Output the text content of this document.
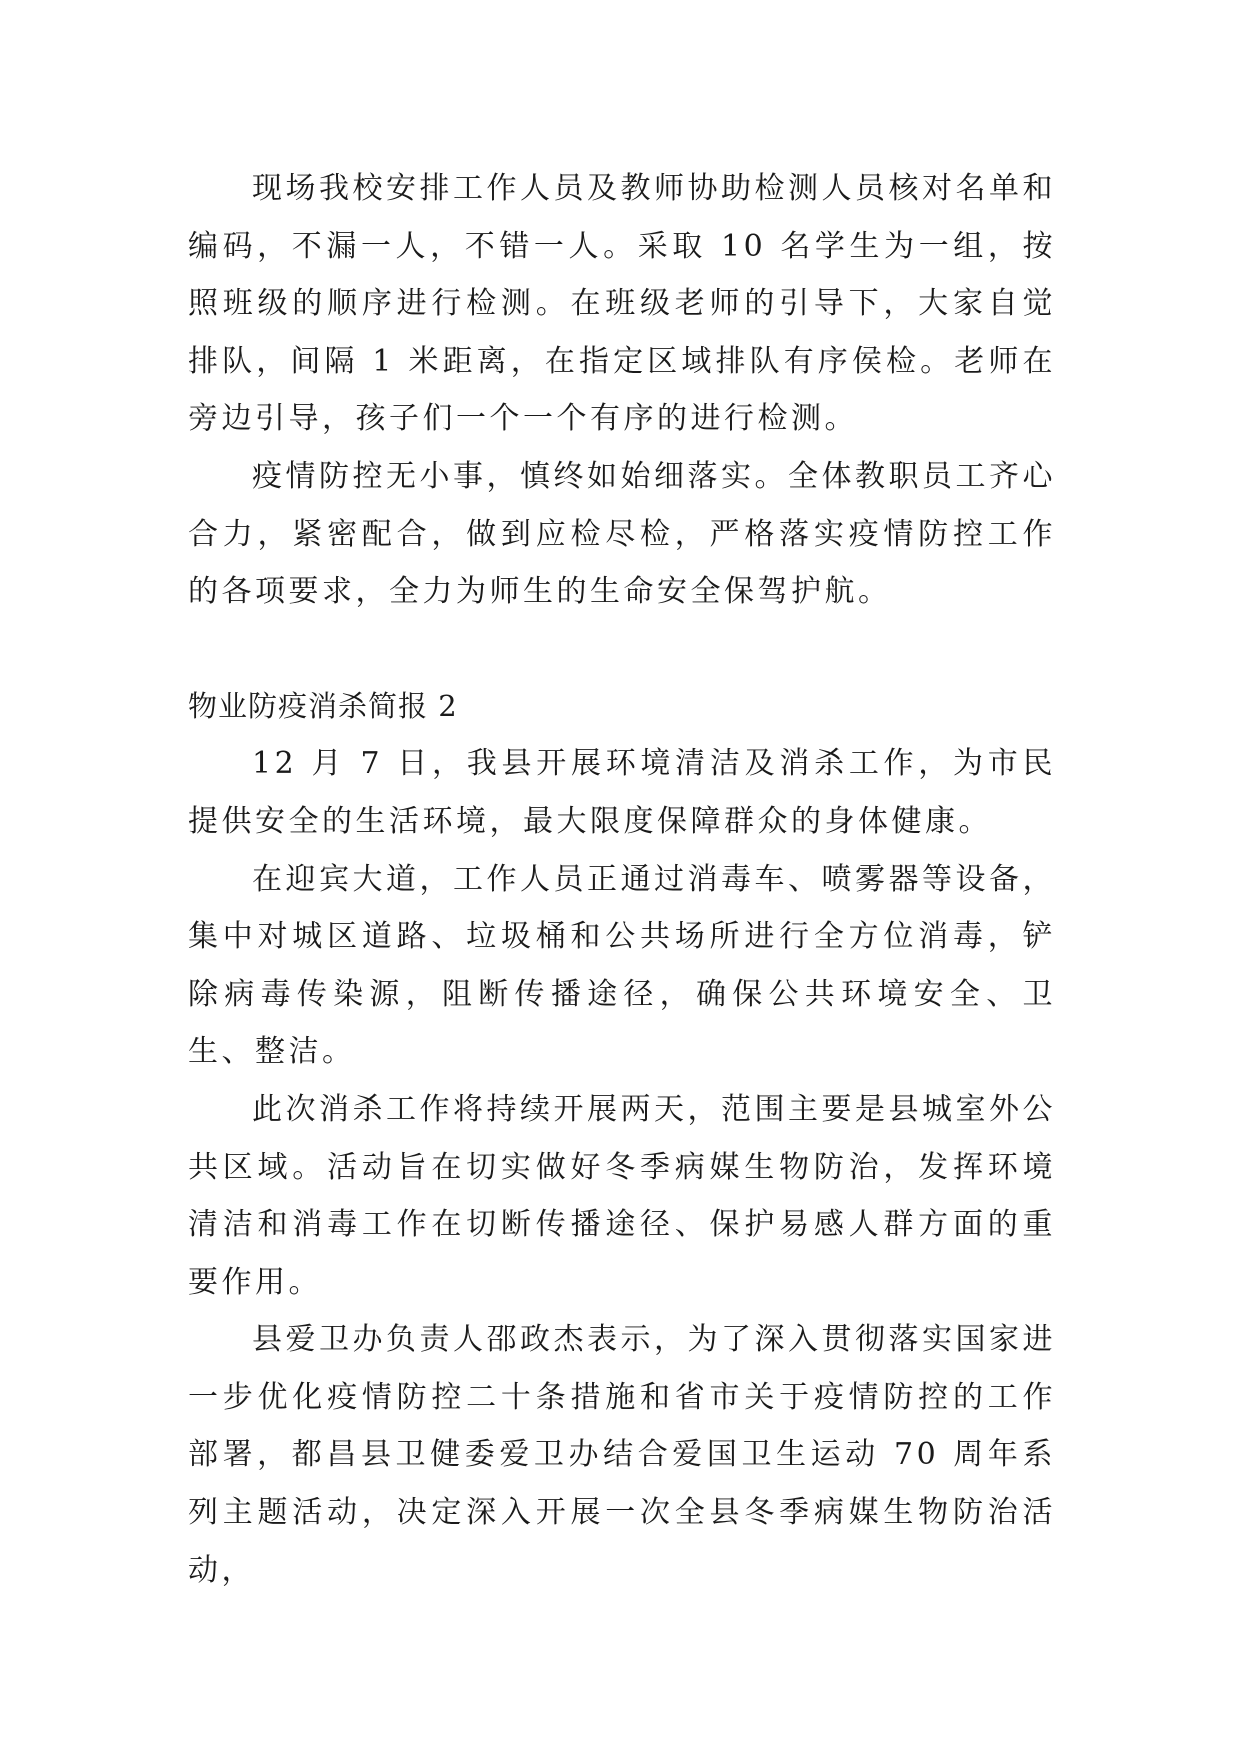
现场我校安排工作人员及教师协助检测人员核对名单和编码，不漏一人，不错一人。采取 10 名学生为一组，按照班级的顺序进行检测。在班级老师的引导下，大家自觉排队，间隔 1 米距离，在指定区域排队有序侯检。老师在旁边引导，孩子们一个一个有序的进行检测。

疫情防控无小事，慎终如始细落实。全体教职员工齐心合力，紧密配合，做到应检尽检，严格落实疫情防控工作的各项要求，全力为师生的生命安全保驾护航。

物业防疫消杀简报 2

12 月 7 日，我县开展环境清洁及消杀工作，为市民提供安全的生活环境，最大限度保障群众的身体健康。

在迎宾大道，工作人员正通过消毒车、喷雾器等设备，集中对城区道路、垃圾桶和公共场所进行全方位消毒，铲除病毒传染源，阻断传播途径，确保公共环境安全、卫生、整洁。

此次消杀工作将持续开展两天，范围主要是县城室外公共区域。活动旨在切实做好冬季病媒生物防治，发挥环境清洁和消毒工作在切断传播途径、保护易感人群方面的重要作用。

县爱卫办负责人邵政杰表示，为了深入贯彻落实国家进一步优化疫情防控二十条措施和省市关于疫情防控的工作部署，都昌县卫健委爱卫办结合爱国卫生运动 70 周年系列主题活动，决定深入开展一次全县冬季病媒生物防治活动，
